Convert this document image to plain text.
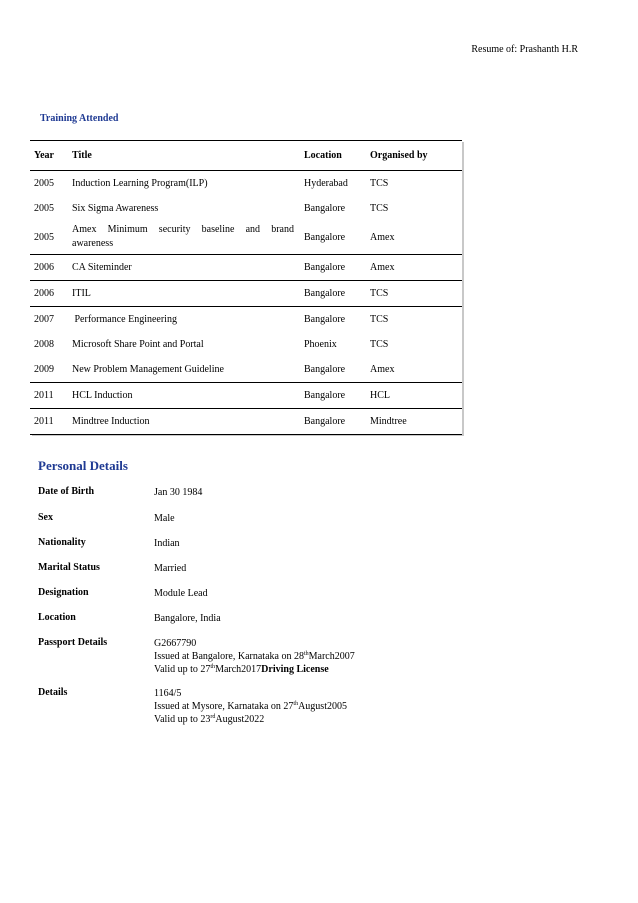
Resume of: Prashanth H.R
Training Attended
Year	Title	Location	Organised by
2005	Induction Learning Program(ILP)	Hyderabad	TCS
2005	Six Sigma Awareness	Bangalore	TCS
2005	Amex Minimum security baseline and brand awareness	Bangalore	Amex
2006	CA Siteminder	Bangalore	Amex
2006	ITIL	Bangalore	TCS
2007	Performance Engineering	Bangalore	TCS
2008	Microsoft Share Point and Portal	Phoenix	TCS
2009	New Problem Management Guideline	Bangalore	Amex
2011	HCL Induction	Bangalore	HCL
2011	Mindtree Induction	Bangalore	Mindtree
Personal Details
Date of Birth	Jan 30 1984
Sex	Male
Nationality	Indian
Marital Status	Married
Designation	Module Lead
Location	Bangalore, India
Passport Details	G2667790
Issued at Bangalore, Karnataka on 28thMarch2007
Valid up to 27thMarch2017Driving License
Details	1164/5
Issued at Mysore, Karnataka on 27thAugust2005
Valid up to 23rdAugust2022
